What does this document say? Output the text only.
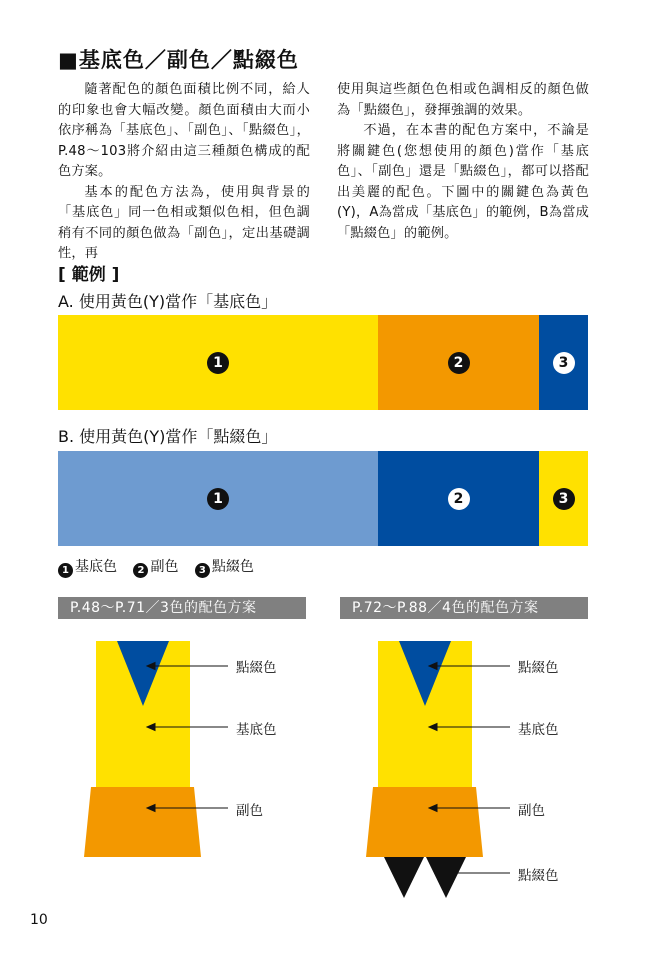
■基底色／副色／點綴色

隨著配色的顏色面積比例不同，給人的印象也會大幅改變。顏色面積由大而小依序稱為「基底色」、「副色」、「點綴色」，P.48～103將介紹由這三種顏色構成的配色方案。

基本的配色方法為，使用與背景的「基底色」同一色相或類似色相，但色調稍有不同的顏色做為「副色」，定出基礎調性，再

使用與這些顏色色相或色調相反的顏色做為「點綴色」，發揮強調的效果。

不過，在本書的配色方案中，不論是將關鍵色(您想使用的顏色)當作「基底色」、「副色」還是「點綴色」，都可以搭配出美麗的配色。下圖中的關鍵色為黃色(Y)，A為當成「基底色」的範例，B為當成「點綴色」的範例。

[ 範例 ]
A. 使用黃色(Y)當作「基底色」
1	2	3
B. 使用黃色(Y)當作「點綴色」
1	2	3
1 基底色 2 副色 3 點綴色
P.48～P.71／3色的配色方案
點綴色
基底色
副色
P.72～P.88／4色的配色方案
點綴色
基底色
副色
點綴色
10
